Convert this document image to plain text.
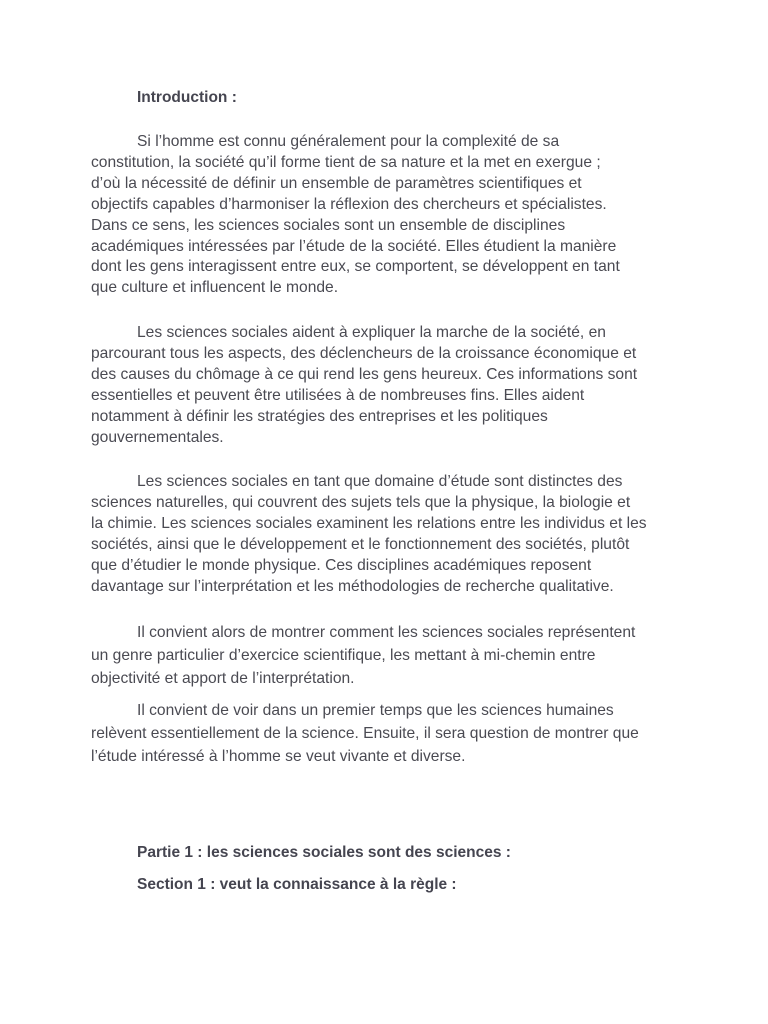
Introduction :

Si l’homme est connu généralement pour la complexité de sa
constitution, la société qu’il forme tient de sa nature et la met en exergue ;
d’où la nécessité de définir un ensemble de paramètres scientifiques et
objectifs capables d’harmoniser la réflexion des chercheurs et spécialistes.
Dans ce sens, les sciences sociales sont un ensemble de disciplines
académiques intéressées par l’étude de la société. Elles étudient la manière
dont les gens interagissent entre eux, se comportent, se développent en tant
que culture et influencent le monde.

Les sciences sociales aident à expliquer la marche de la société, en
parcourant tous les aspects, des déclencheurs de la croissance économique et
des causes du chômage à ce qui rend les gens heureux. Ces informations sont
essentielles et peuvent être utilisées à de nombreuses fins. Elles aident
notamment à définir les stratégies des entreprises et les politiques
gouvernementales.

Les sciences sociales en tant que domaine d’étude sont distinctes des
sciences naturelles, qui couvrent des sujets tels que la physique, la biologie et
la chimie. Les sciences sociales examinent les relations entre les individus et les
sociétés, ainsi que le développement et le fonctionnement des sociétés, plutôt
que d’étudier le monde physique. Ces disciplines académiques reposent
davantage sur l’interprétation et les méthodologies de recherche qualitative.

Il convient alors de montrer comment les sciences sociales représentent
un genre particulier d’exercice scientifique, les mettant à mi-chemin entre
objectivité et apport de l’interprétation.

Il convient de voir dans un premier temps que les sciences humaines
relèvent essentiellement de la science. Ensuite, il sera question de montrer que
l’étude intéressé à l’homme se veut vivante et diverse.

Partie 1 : les sciences sociales sont des sciences :
Section 1 : veut la connaissance à la règle :
